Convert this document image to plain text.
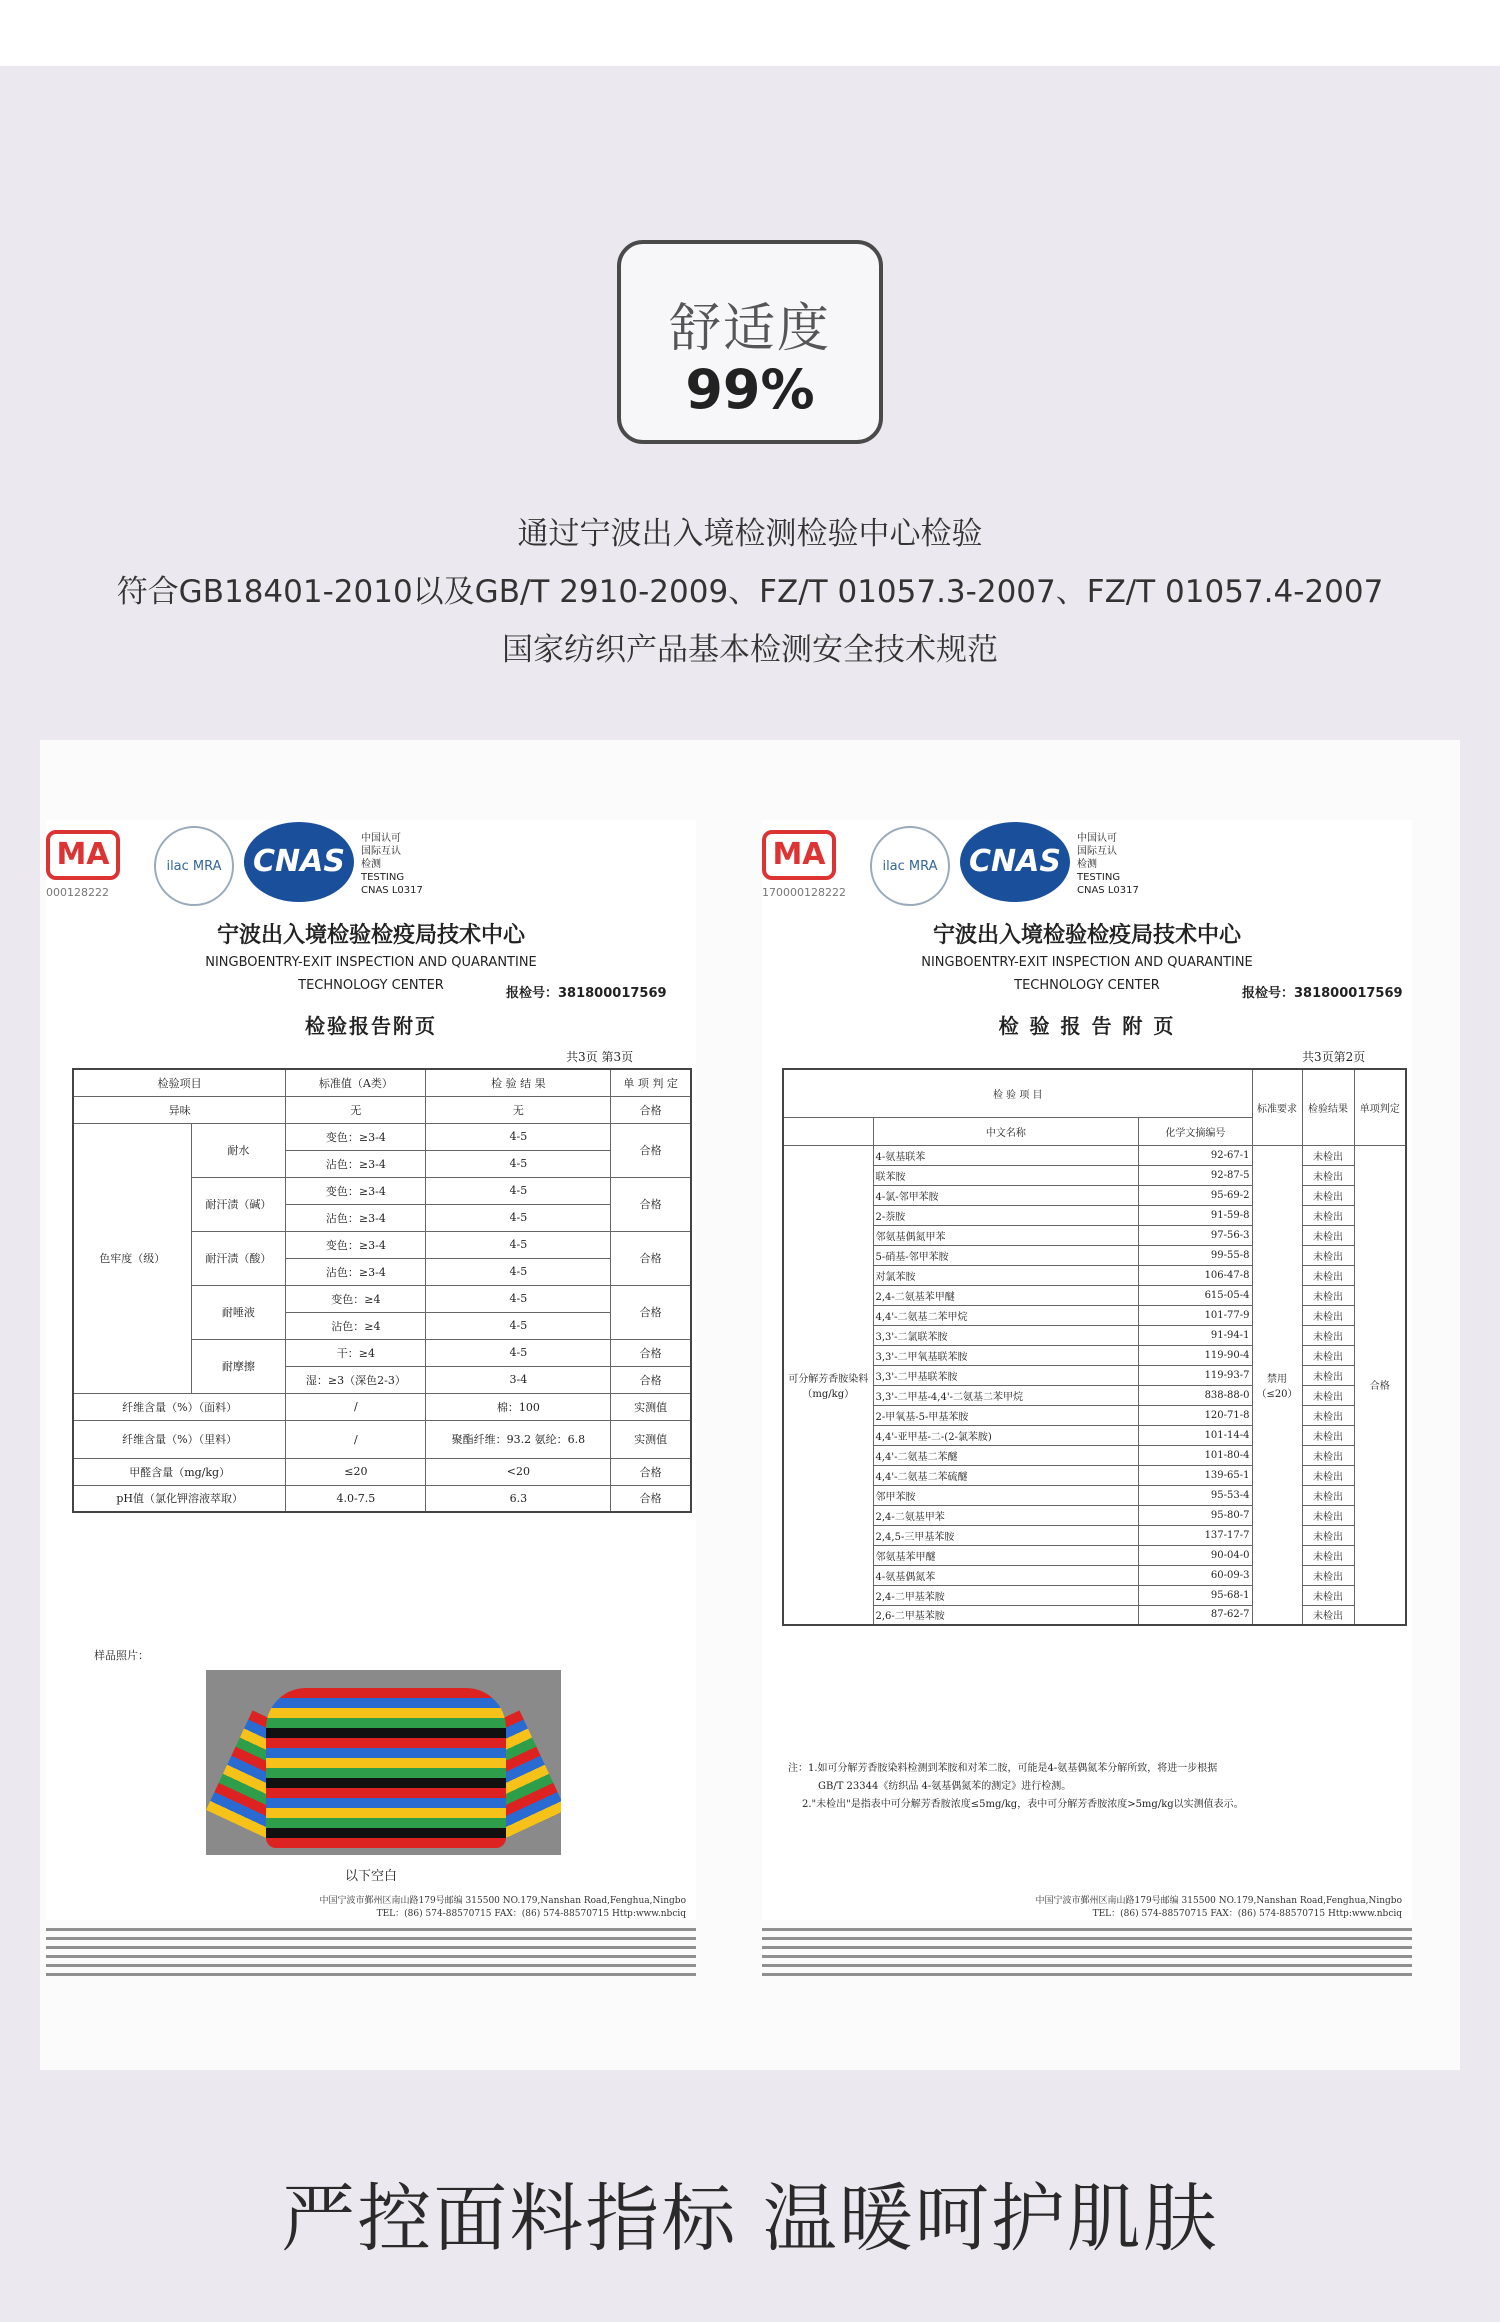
舒适度
99%
通过宁波出入境检测检验中心检验
符合GB18401-2010以及GB/T 2910-2009、FZ/T 01057.3-2007、FZ/T 01057.4-2007
国家纺织产品基本检测安全技术规范
MA
000128222
ilac MRA	CNAS
中国认可
国际互认
检测
TESTING
CNAS L0317
宁波出入境检验检疫局技术中心
NINGBOENTRY-EXIT INSPECTION AND QUARANTINE
TECHNOLOGY CENTER
报检号：381800017569
检验报告附页
共3页 第3页
检验项目		标准值（A类）	检 验 结 果	单 项 判 定
异味		无	无	合格
色牢度（级）	耐水	变色：≥3-4	4-5	合格
		沾色：≥3-4	4-5	
	耐汗渍（碱）	变色：≥3-4	4-5	合格
		沾色：≥3-4	4-5	
	耐汗渍（酸）	变色：≥3-4	4-5	合格
		沾色：≥3-4	4-5	
	耐唾液	变色：≥4	4-5	合格
		沾色：≥4	4-5	
	耐摩擦	干：≥4	4-5	合格
		湿：≥3（深色2-3）	3-4	合格
纤维含量（%）（面料）		/	棉：100	实测值
纤维含量（%）（里料）		/	聚酯纤维：93.2 氨纶：6.8	实测值
甲醛含量（mg/kg）		≤20	<20	合格
pH值（氯化钾溶液萃取）		4.0-7.5	6.3	合格
样品照片：
以下空白
中国宁波市鄞州区南山路179号邮编 315500 NO.179,Nanshan Road,Fenghua,Ningbo
TEL：(86) 574-88570715 FAX：(86) 574-88570715 Http:www.nbciq
MA
170000128222
ilac MRA	CNAS
中国认可
国际互认
检测
TESTING
CNAS L0317
宁波出入境检验检疫局技术中心
NINGBOENTRY-EXIT INSPECTION AND QUARANTINE
TECHNOLOGY CENTER
报检号：381800017569
检 验 报 告 附 页
共3页第2页
检 验 项 目			标准要求	检验结果	单项判定
	中文名称	化学文摘编号			
可分解芳香胺染料（mg/kg）	4-氨基联苯	92-67-1	禁用（≤20）	未检出	合格
	联苯胺	92-87-5		未检出	
	4-氯-邻甲苯胺	95-69-2		未检出	
	2-萘胺	91-59-8		未检出	
	邻氨基偶氮甲苯	97-56-3		未检出	
	5-硝基-邻甲苯胺	99-55-8		未检出	
	对氯苯胺	106-47-8		未检出	
	2,4-二氨基苯甲醚	615-05-4		未检出	
	4,4'-二氨基二苯甲烷	101-77-9		未检出	
	3,3'-二氯联苯胺	91-94-1		未检出	
	3,3'-二甲氧基联苯胺	119-90-4		未检出	
	3,3'-二甲基联苯胺	119-93-7		未检出	
	3,3'-二甲基-4,4'-二氨基二苯甲烷	838-88-0		未检出	
	2-甲氧基-5-甲基苯胺	120-71-8		未检出	
	4,4'-亚甲基-二-(2-氯苯胺)	101-14-4		未检出	
	4,4'-二氨基二苯醚	101-80-4		未检出	
	4,4'-二氨基二苯硫醚	139-65-1		未检出	
	邻甲苯胺	95-53-4		未检出	
	2,4-二氨基甲苯	95-80-7		未检出	
	2,4,5-三甲基苯胺	137-17-7		未检出	
	邻氨基苯甲醚	90-04-0		未检出	
	4-氨基偶氮苯	60-09-3		未检出	
	2,4-二甲基苯胺	95-68-1		未检出	
	2,6-二甲基苯胺	87-62-7		未检出	
注：1.如可分解芳香胺染料检测到苯胺和对苯二胺，可能是4-氨基偶氮苯分解所致，将进一步根据
GB/T 23344《纺织品 4-氨基偶氮苯的测定》进行检测。
2."未检出"是指表中可分解芳香胺浓度≤5mg/kg，表中可分解芳香胺浓度>5mg/kg以实测值表示。
中国宁波市鄞州区南山路179号邮编 315500 NO.179,Nanshan Road,Fenghua,Ningbo
TEL：(86) 574-88570715 FAX：(86) 574-88570715 Http:www.nbciq
严控面料指标 温暖呵护肌肤
